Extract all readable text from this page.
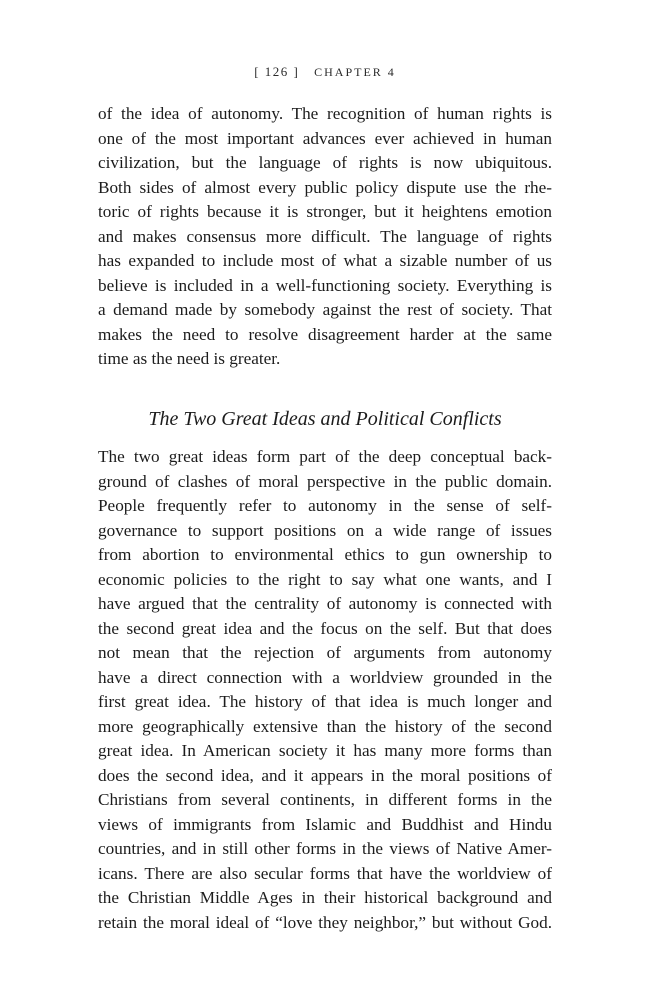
[ 126 ] CHAPTER 4
of the idea of autonomy. The recognition of human rights is
one of the most important advances ever achieved in human
civilization, but the language of rights is now ubiquitous.
Both sides of almost every public policy dispute use the rhe-
toric of rights because it is stronger, but it heightens emotion
and makes consensus more difficult. The language of rights
has expanded to include most of what a sizable number of us
believe is included in a well-functioning society. Everything is
a demand made by somebody against the rest of society. That
makes the need to resolve disagreement harder at the same
time as the need is greater.
The Two Great Ideas and Political Conflicts
The two great ideas form part of the deep conceptual back-
ground of clashes of moral perspective in the public domain.
People frequently refer to autonomy in the sense of self-
governance to support positions on a wide range of issues
from abortion to environmental ethics to gun ownership to
economic policies to the right to say what one wants, and I
have argued that the centrality of autonomy is connected with
the second great idea and the focus on the self. But that does
not mean that the rejection of arguments from autonomy
have a direct connection with a worldview grounded in the
first great idea. The history of that idea is much longer and
more geographically extensive than the history of the second
great idea. In American society it has many more forms than
does the second idea, and it appears in the moral positions of
Christians from several continents, in different forms in the
views of immigrants from Islamic and Buddhist and Hindu
countries, and in still other forms in the views of Native Amer-
icans. There are also secular forms that have the worldview of
the Christian Middle Ages in their historical background and
retain the moral ideal of “love they neighbor,” but without God.
